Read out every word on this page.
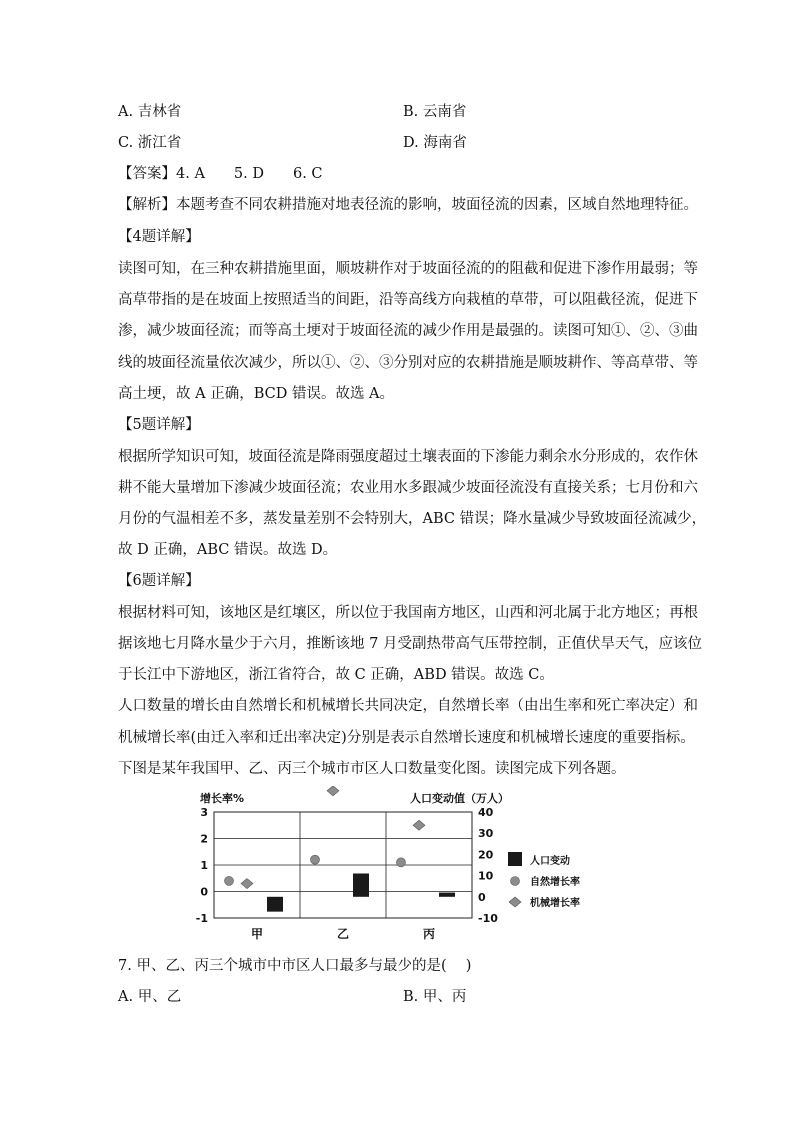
A. 吉林省	B. 云南省
C. 浙江省	D. 海南省
【答案】4. A　　5. D　　6. C
【解析】本题考查不同农耕措施对地表径流的影响，坡面径流的因素，区域自然地理特征。
【4题详解】
读图可知，在三种农耕措施里面，顺坡耕作对于坡面径流的的阻截和促进下渗作用最弱；等
高草带指的是在坡面上按照适当的间距，沿等高线方向栽植的草带，可以阻截径流，促进下
渗，减少坡面径流；而等高土埂对于坡面径流的减少作用是最强的。读图可知①、②、③曲
线的坡面径流量依次减少，所以①、②、③分别对应的农耕措施是顺坡耕作、等高草带、等
高土埂，故 A 正确，BCD 错误。故选 A。
【5题详解】
根据所学知识可知，坡面径流是降雨强度超过土壤表面的下渗能力剩余水分形成的，农作休
耕不能大量增加下渗减少坡面径流；农业用水多跟减少坡面径流没有直接关系；七月份和六
月份的气温相差不多，蒸发量差别不会特别大，ABC 错误；降水量减少导致坡面径流减少，
故 D 正确，ABC 错误。故选 D。
【6题详解】
根据材料可知，该地区是红壤区，所以位于我国南方地区，山西和河北属于北方地区；再根
据该地七月降水量少于六月，推断该地 7 月受副热带高气压带控制，正值伏旱天气，应该位
于长江中下游地区，浙江省符合，故 C 正确，ABD 错误。故选 C。
人口数量的增长由自然增长和机械增长共同决定，自然增长率（由出生率和死亡率决定）和
机械增长率(由迁入率和迁出率决定)分别是表示自然增长速度和机械增长速度的重要指标。
下图是某年我国甲、乙、丙三个城市市区人口数量变化图。读图完成下列各题。
增长率%	人口变动值（万人）
3
2
1
0
-1
40
30
20
10
0
-10
甲	乙	丙
人口变动
自然增长率
机械增长率
7. 甲、乙、丙三个城市中市区人口最多与最少的是(　 )
A. 甲、乙	B. 甲、丙
